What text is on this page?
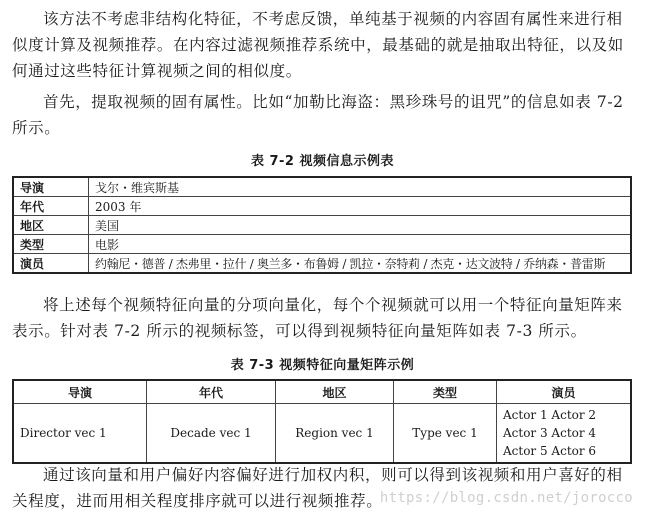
该方法不考虑非结构化特征，不考虑反馈，单纯基于视频的内容固有属性来进行相似度计算及视频推荐。在内容过滤视频推荐系统中，最基础的就是抽取出特征，以及如何通过这些特征计算视频之间的相似度。

首先，提取视频的固有属性。比如“加勒比海盗：黑珍珠号的诅咒”的信息如表 7-2 所示。

表 7-2 视频信息示例表
导演	戈尔・维宾斯基
年代	2003 年
地区	美国
类型	电影
演员	约翰尼・德普 / 杰弗里・拉什 / 奥兰多・布鲁姆 / 凯拉・奈特莉 / 杰克・达文波特 / 乔纳森・普雷斯

将上述每个视频特征向量的分项向量化，每个个视频就可以用一个特征向量矩阵来表示。针对表 7-2 所示的视频标签，可以得到视频特征向量矩阵如表 7-3 所示。

表 7-3 视频特征向量矩阵示例
导演	年代	地区	类型	演员
Director vec 1	Decade vec 1	Region vec 1	Type vec 1	Actor 1 Actor 2
Actor 3 Actor 4
Actor 5 Actor 6

通过该向量和用户偏好内容偏好进行加权内积，则可以得到该视频和用户喜好的相关程度，进而用相关程度排序就可以进行视频推荐。

https://blog.csdn.net/jorocco
